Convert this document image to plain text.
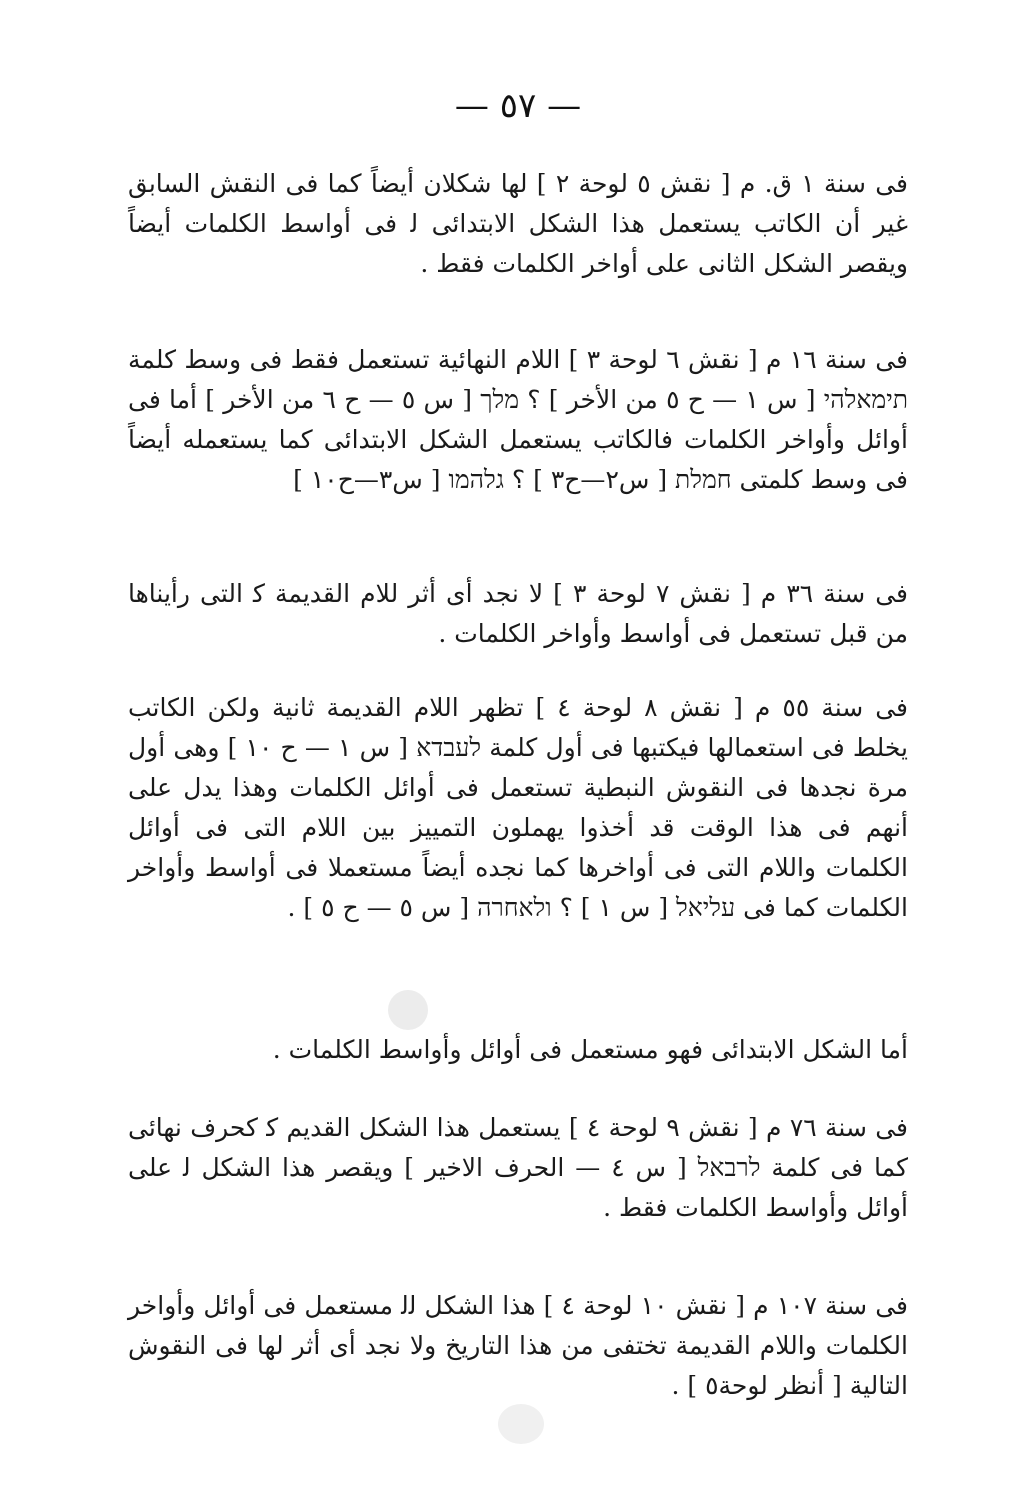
— ٥٧ —

فى سنة ١ ق. م [ نقش ٥ لوحة ٢ ] لها شكلان أيضاً كما فى النقش السابق غير أن الكاتب يستعمل هذا الشكل الابتدائى ﻟ فى أواسط الكلمات أيضاً ويقصر الشكل الثانى على أواخر الكلمات فقط .

فى سنة ١٦ م [ نقش ٦ لوحة ٣ ] اللام النهائية تستعمل فقط فى وسط كلمة תימאלהי [ س ١ — ح ٥ من الأخر ] ؟ מלך [ س ٥ — ح ٦ من الأخر ] أما فى أوائل وأواخر الكلمات فالكاتب يستعمل الشكل الابتدائى كما يستعمله أيضاً فى وسط كلمتى חמלת [ س٢—ح٣ ] ؟ גלהמו [ س٣—ح١٠ ]

فى سنة ٣٦ م [ نقش ٧ لوحة ٣ ] لا نجد أى أثر للام القديمة ﻛ التى رأيناها من قبل تستعمل فى أواسط وأواخر الكلمات .

فى سنة ٥٥ م [ نقش ٨ لوحة ٤ ] تظهر اللام القديمة ثانية ولكن الكاتب يخلط فى استعمالها فيكتبها فى أول كلمة לעבדא [ س ١ — ح ١٠ ] وهى أول مرة نجدها فى النقوش النبطية تستعمل فى أوائل الكلمات وهذا يدل على أنهم فى هذا الوقت قد أخذوا يهملون التمييز بين اللام التى فى أوائل الكلمات واللام التى فى أواخرها كما نجده أيضاً مستعملا فى أواسط وأواخر الكلمات كما فى עליאל [ س ١ ] ؟ ולאחרה [ س ٥ — ح ٥ ] .

أما الشكل الابتدائى فهو مستعمل فى أوائل وأواسط الكلمات .

فى سنة ٧٦ م [ نقش ٩ لوحة ٤ ] يستعمل هذا الشكل القديم ﻛ كحرف نهائى كما فى كلمة לרבאל [ س ٤ — الحرف الاخير ] ويقصر هذا الشكل ﻟ على أوائل وأواسط الكلمات فقط .

فى سنة ١٠٧ م [ نقش ١٠ لوحة ٤ ] هذا الشكل ﻟﻟ مستعمل فى أوائل وأواخر الكلمات واللام القديمة تختفى من هذا التاريخ ولا نجد أى أثر لها فى النقوش التالية [ أنظر لوحة٥ ] .
